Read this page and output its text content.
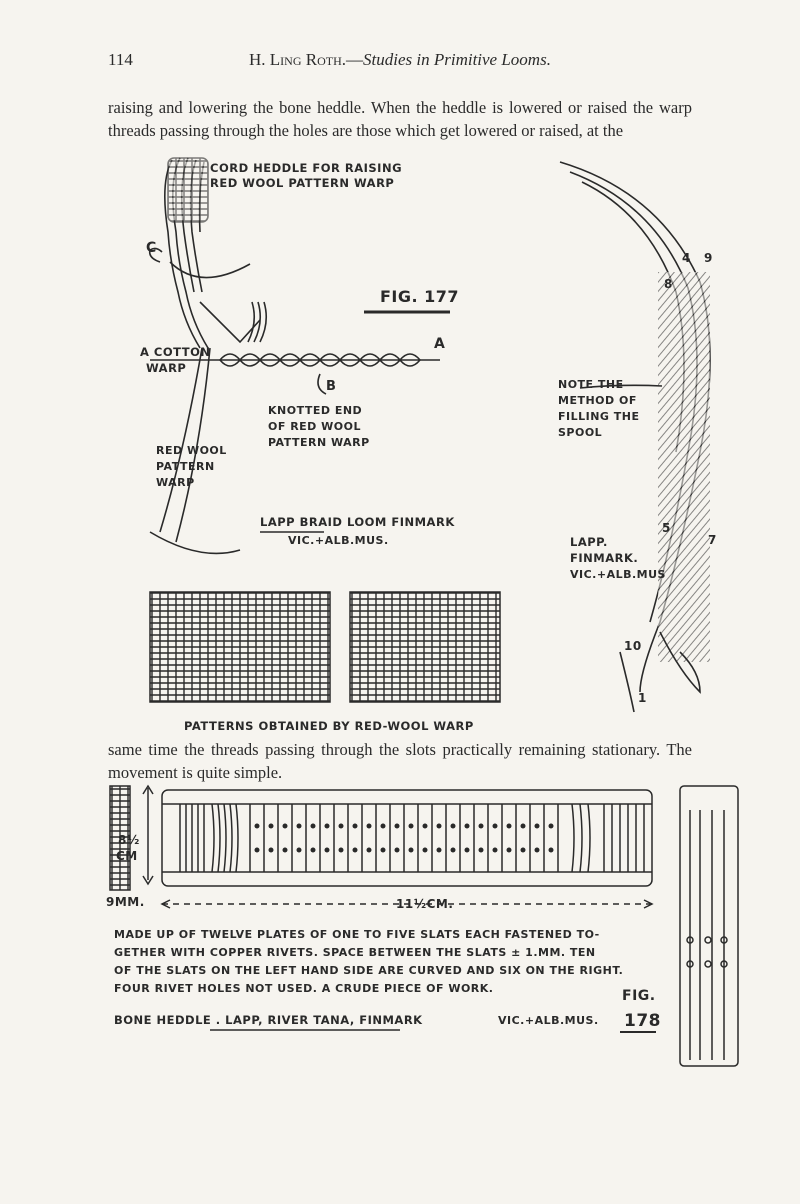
114	H. Ling Roth.—Studies in Primitive Looms.
raising and lowering the bone heddle. When the heddle is lowered or raised the warp threads passing through the holes are those which get lowered or raised, at the
C
CORD HEDDLE FOR RAISING
RED WOOL PATTERN WARP
FIG. 177
A
B
A COTTON
WARP
KNOTTED END
OF RED WOOL
PATTERN WARP
RED WOOL
PATTERN
WARP
LAPP BRAID LOOM FINMARK
VIC.+ALB.MUS.
PATTERNS OBTAINED BY RED-WOOL WARP
NOTE THE
METHOD OF
FILLING THE
SPOOL
LAPP.
FINMARK.
VIC.+ALB.MUS
4 9
8
5
7
10
1
same time the threads passing through the slots practically remaining stationary. The movement is quite simple.
8½
CM
9MM.	11½CM.
MADE UP OF TWELVE PLATES OF ONE TO FIVE SLATS EACH FASTENED TO-
GETHER WITH COPPER RIVETS. SPACE BETWEEN THE SLATS ± 1.MM. TEN
OF THE SLATS ON THE LEFT HAND SIDE ARE CURVED AND SIX ON THE RIGHT.
FOUR RIVET HOLES NOT USED. A CRUDE PIECE OF WORK.
BONE HEDDLE . LAPP, RIVER TANA, FINMARK	VIC.+ALB.MUS.
FIG.
178
